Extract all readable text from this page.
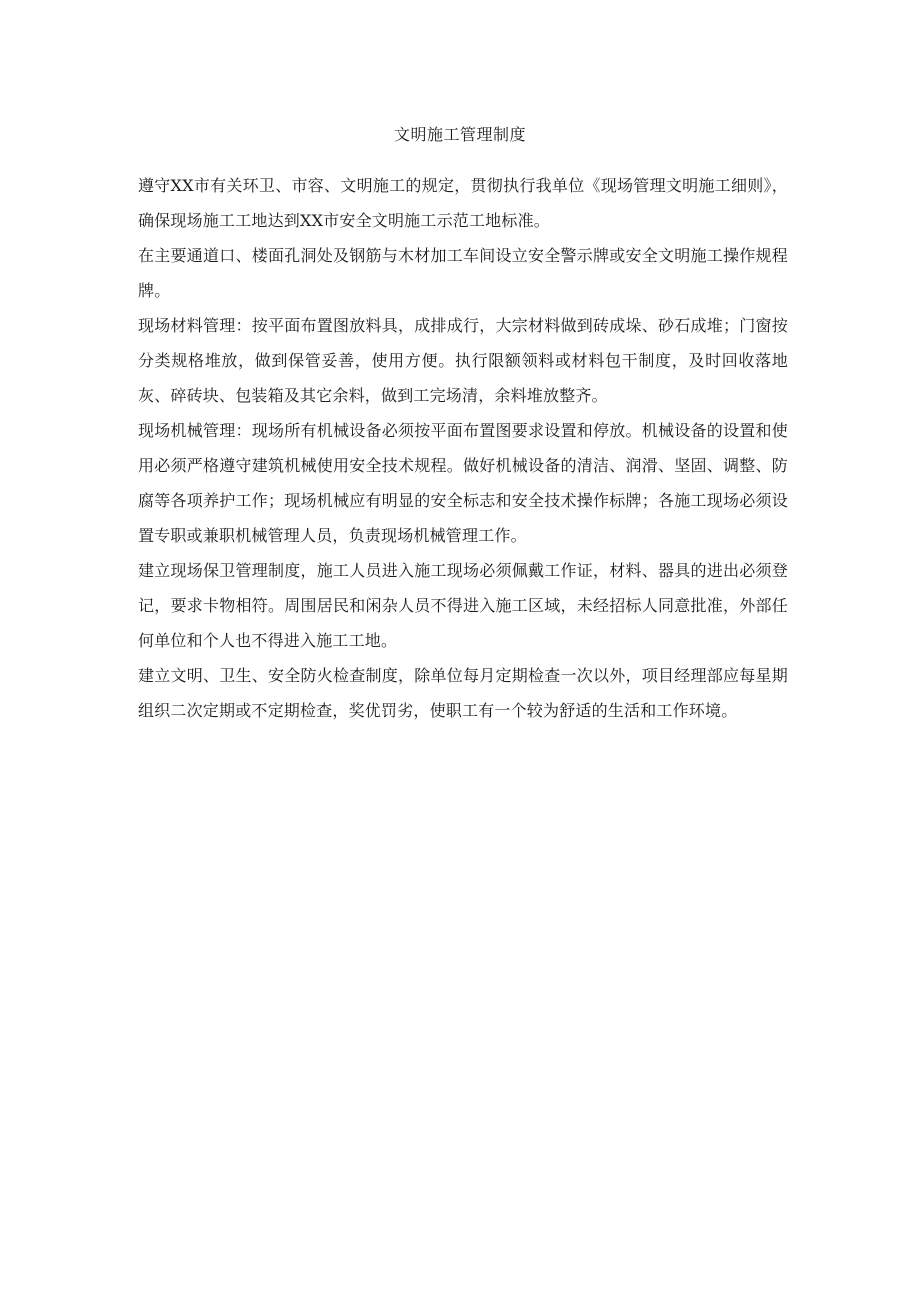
文明施工管理制度

遵守XX市有关环卫、市容、文明施工的规定，贯彻执行我单位《现场管理文明施工细则》，确保现场施工工地达到XX市安全文明施工示范工地标准。

在主要通道口、楼面孔洞处及钢筋与木材加工车间设立安全警示牌或安全文明施工操作规程牌。

现场材料管理：按平面布置图放料具，成排成行，大宗材料做到砖成垛、砂石成堆；门窗按分类规格堆放，做到保管妥善，使用方便。执行限额领料或材料包干制度，及时回收落地灰、碎砖块、包装箱及其它余料，做到工完场清，余料堆放整齐。

现场机械管理：现场所有机械设备必须按平面布置图要求设置和停放。机械设备的设置和使用必须严格遵守建筑机械使用安全技术规程。做好机械设备的清洁、润滑、坚固、调整、防腐等各项养护工作；现场机械应有明显的安全标志和安全技术操作标牌；各施工现场必须设置专职或兼职机械管理人员，负责现场机械管理工作。

建立现场保卫管理制度，施工人员进入施工现场必须佩戴工作证，材料、器具的进出必须登记，要求卡物相符。周围居民和闲杂人员不得进入施工区域，未经招标人同意批准，外部任何单位和个人也不得进入施工工地。

建立文明、卫生、安全防火检查制度，除单位每月定期检查一次以外，项目经理部应每星期组织二次定期或不定期检查，奖优罚劣，使职工有一个较为舒适的生活和工作环境。
